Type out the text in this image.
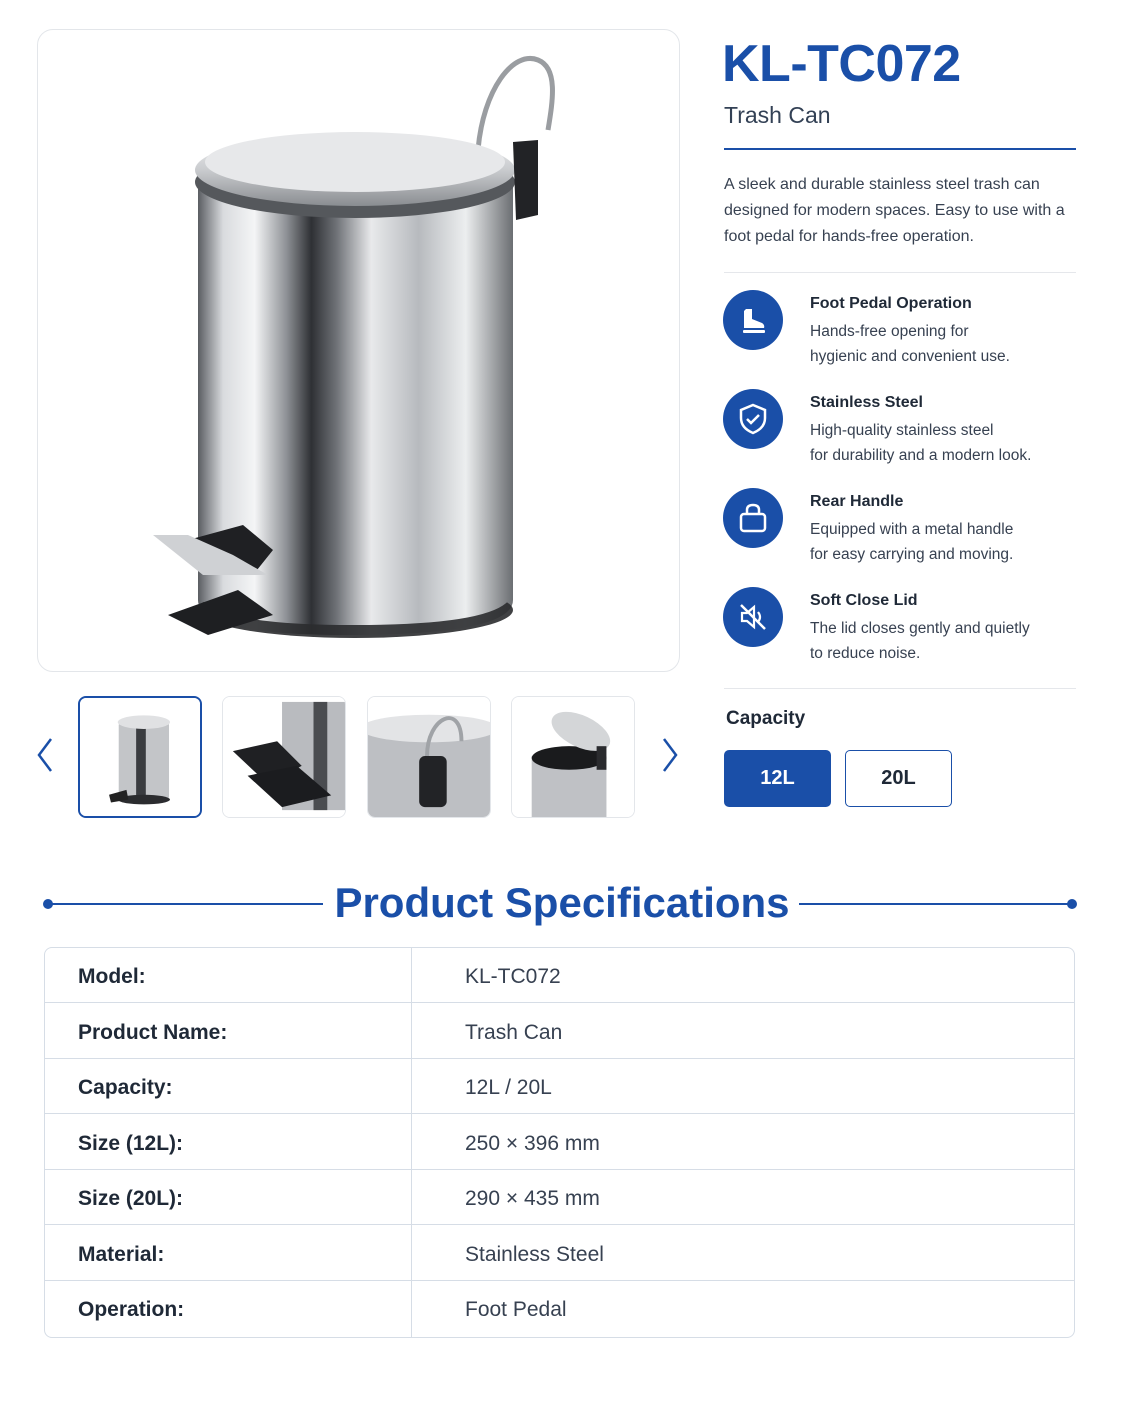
KL-TC072
Trash Can
A sleek and durable stainless steel trash can designed for modern spaces. Easy to use with a foot pedal for hands-free operation.
Foot Pedal Operation
Hands-free opening for
hygienic and convenient use.
Stainless Steel
High-quality stainless steel
for durability and a modern look.
Rear Handle
Equipped with a metal handle
for easy carrying and moving.
Soft Close Lid
The lid closes gently and quietly
to reduce noise.
Capacity
12L	20L
Product Specifications
Model:	KL-TC072
Product Name:	Trash Can
Capacity:	12L / 20L
Size (12L):	250 × 396 mm
Size (20L):	290 × 435 mm
Material:	Stainless Steel
Operation:	Foot Pedal
